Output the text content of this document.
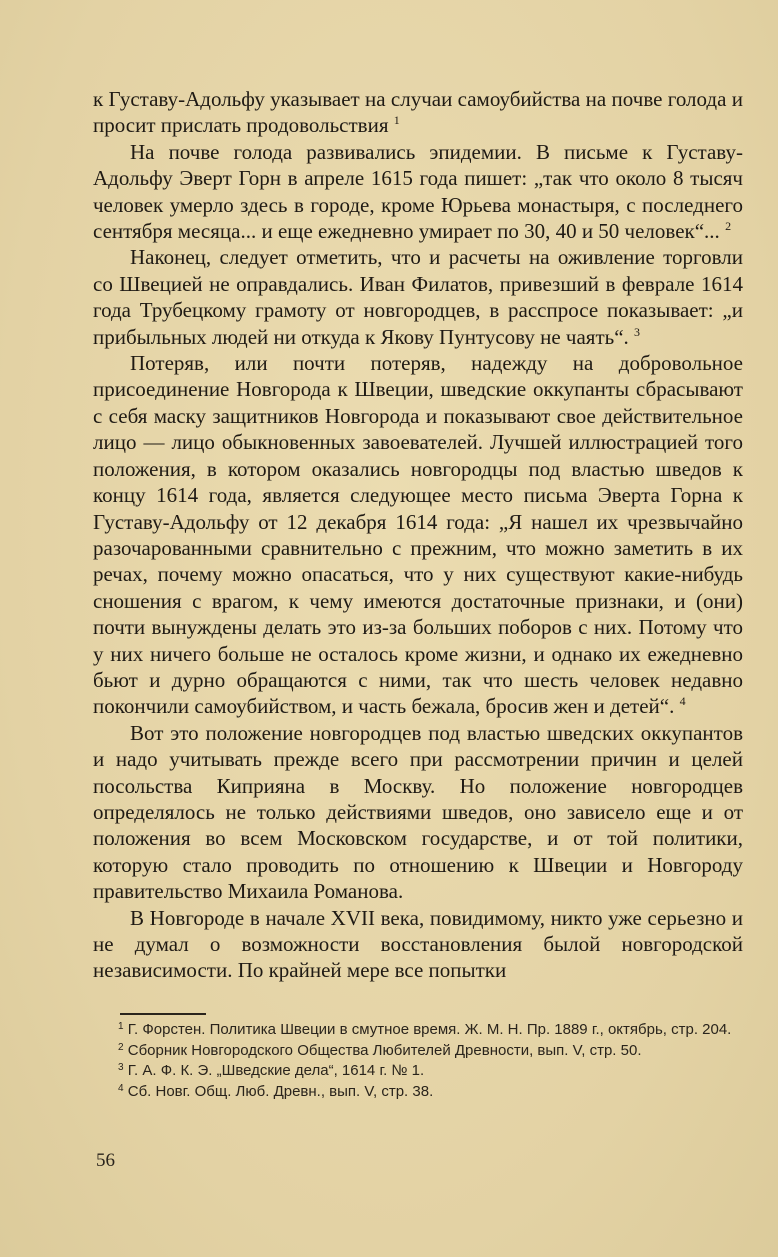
к Густаву-Адольфу указывает на случаи самоубийства на почве голода и просит прислать продовольствия $^1$

На почве голода развивались эпидемии. В письме к Густаву-Адольфу Эверт Горн в апреле 1615 года пишет: „так что около 8 тысяч человек умерло здесь в городе, кроме Юрьева монастыря, с последнего сентября месяца... и еще ежедневно умирает по 30, 40 и 50 человек“... $^2$

Наконец, следует отметить, что и расчеты на оживление торговли со Швецией не оправдались. Иван Филатов, привезший в феврале 1614 года Трубецкому грамоту от новгородцев, в расспросе показывает: „и прибыльных людей ни откуда к Якову Пунтусову не чаять“. $^3$

Потеряв, или почти потеряв, надежду на добровольное присоединение Новгорода к Швеции, шведские оккупанты сбрасывают с себя маску защитников Новгорода и показывают свое действительное лицо — лицо обыкновенных завоевателей. Лучшей иллюстрацией того положения, в котором оказались новгородцы под властью шведов к концу 1614 года, является следующее место письма Эверта Горна к Густаву-Адольфу от 12 декабря 1614 года: „Я нашел их чрезвычайно разочарованными сравнительно с прежним, что можно заметить в их речах, почему можно опасаться, что у них существуют какие-нибудь сношения с врагом, к чему имеются достаточные признаки, и (они) почти вынуждены делать это из-за больших поборов с них. Потому что у них ничего больше не осталось кроме жизни, и однако их ежедневно бьют и дурно обращаются с ними, так что шесть человек недавно покончили самоубийством, и часть бежала, бросив жен и детей“. $^4$

Вот это положение новгородцев под властью шведских оккупантов и надо учитывать прежде всего при рассмотрении причин и целей посольства Киприяна в Москву. Но положение новгородцев определялось не только действиями шведов, оно зависело еще и от положения во всем Московском государстве, и от той политики, которую стало проводить по отношению к Швеции и Новгороду правительство Михаила Романова.

В Новгороде в начале XVII века, повидимому, никто уже серьезно и не думал о возможности восстановления былой новгородской независимости. По крайней мере все попытки

$^1$ Г. Форстен. Политика Швеции в смутное время. Ж. М. Н. Пр. 1889 г., октябрь, стр. 204.

$^2$ Сборник Новгородского Общества Любителей Древности, вып. V, стр. 50.

$^3$ Г. А. Ф. К. Э. „Шведские дела“, 1614 г. № 1.

$^4$ Сб. Новг. Общ. Люб. Древн., вып. V, стр. 38.

56
